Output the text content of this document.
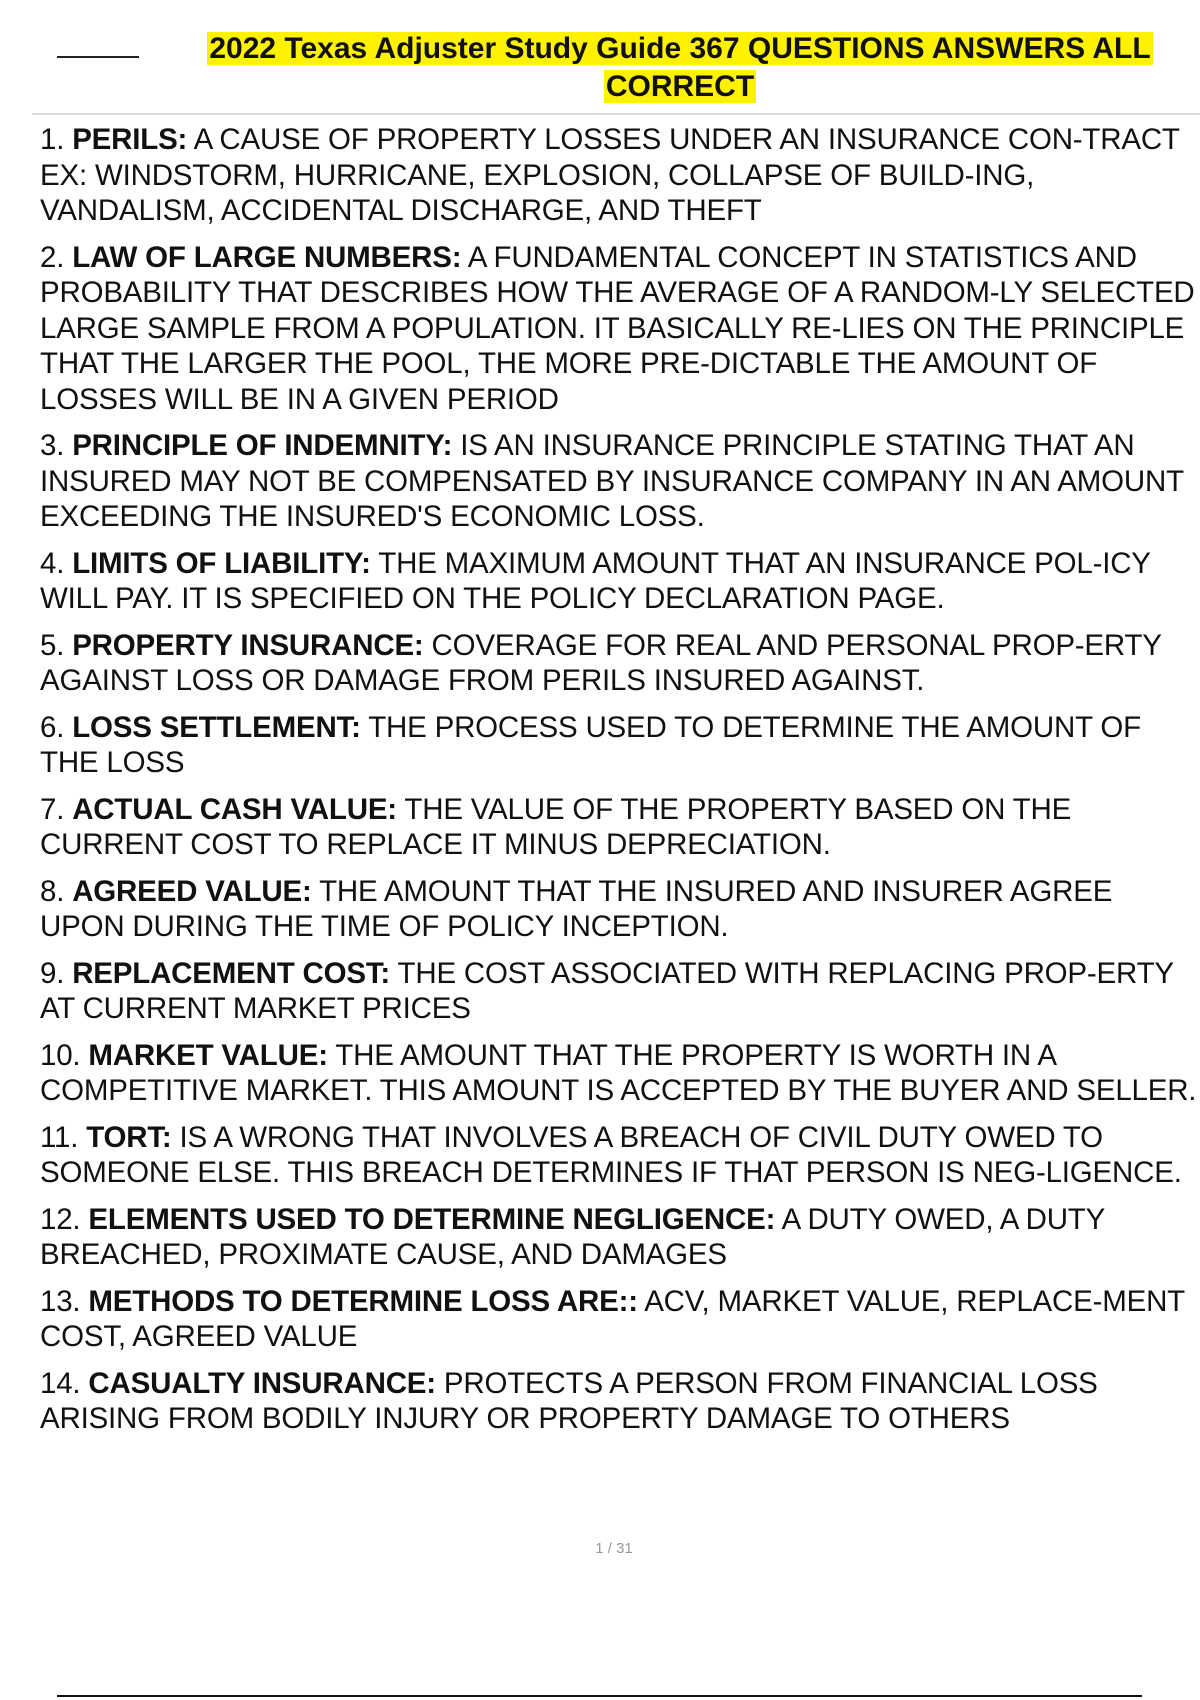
2022 Texas Adjuster Study Guide 367 QUESTIONS ANSWERS ALL CORRECT
1. PERILS: A CAUSE OF PROPERTY LOSSES UNDER AN INSURANCE CON-TRACT EX: WINDSTORM, HURRICANE, EXPLOSION, COLLAPSE OF BUILD-ING, VANDALISM, ACCIDENTAL DISCHARGE, AND THEFT
2. LAW OF LARGE NUMBERS: A FUNDAMENTAL CONCEPT IN STATISTICS AND PROBABILITY THAT DESCRIBES HOW THE AVERAGE OF A RANDOM-LY SELECTED LARGE SAMPLE FROM A POPULATION. IT BASICALLY RE-LIES ON THE PRINCIPLE THAT THE LARGER THE POOL, THE MORE PRE-DICTABLE THE AMOUNT OF LOSSES WILL BE IN A GIVEN PERIOD
3. PRINCIPLE OF INDEMNITY: IS AN INSURANCE PRINCIPLE STATING THAT AN INSURED MAY NOT BE COMPENSATED BY INSURANCE COMPANY IN AN AMOUNT EXCEEDING THE INSURED'S ECONOMIC LOSS.
4. LIMITS OF LIABILITY: THE MAXIMUM AMOUNT THAT AN INSURANCE POL-ICY WILL PAY. IT IS SPECIFIED ON THE POLICY DECLARATION PAGE.
5. PROPERTY INSURANCE: COVERAGE FOR REAL AND PERSONAL PROP-ERTY AGAINST LOSS OR DAMAGE FROM PERILS INSURED AGAINST.
6. LOSS SETTLEMENT: THE PROCESS USED TO DETERMINE THE AMOUNT OF THE LOSS
7. ACTUAL CASH VALUE: THE VALUE OF THE PROPERTY BASED ON THE CURRENT COST TO REPLACE IT MINUS DEPRECIATION.
8. AGREED VALUE: THE AMOUNT THAT THE INSURED AND INSURER AGREE UPON DURING THE TIME OF POLICY INCEPTION.
9. REPLACEMENT COST: THE COST ASSOCIATED WITH REPLACING PROP-ERTY AT CURRENT MARKET PRICES
10. MARKET VALUE: THE AMOUNT THAT THE PROPERTY IS WORTH IN A COMPETITIVE MARKET. THIS AMOUNT IS ACCEPTED BY THE BUYER AND SELLER.
11. TORT: IS A WRONG THAT INVOLVES A BREACH OF CIVIL DUTY OWED TO SOMEONE ELSE. THIS BREACH DETERMINES IF THAT PERSON IS NEG-LIGENCE.
12. ELEMENTS USED TO DETERMINE NEGLIGENCE: A DUTY OWED, A DUTY BREACHED, PROXIMATE CAUSE, AND DAMAGES
13. METHODS TO DETERMINE LOSS ARE:: ACV, MARKET VALUE, REPLACE-MENT COST, AGREED VALUE
14. CASUALTY INSURANCE: PROTECTS A PERSON FROM FINANCIAL LOSS ARISING FROM BODILY INJURY OR PROPERTY DAMAGE TO OTHERS
1 / 31
